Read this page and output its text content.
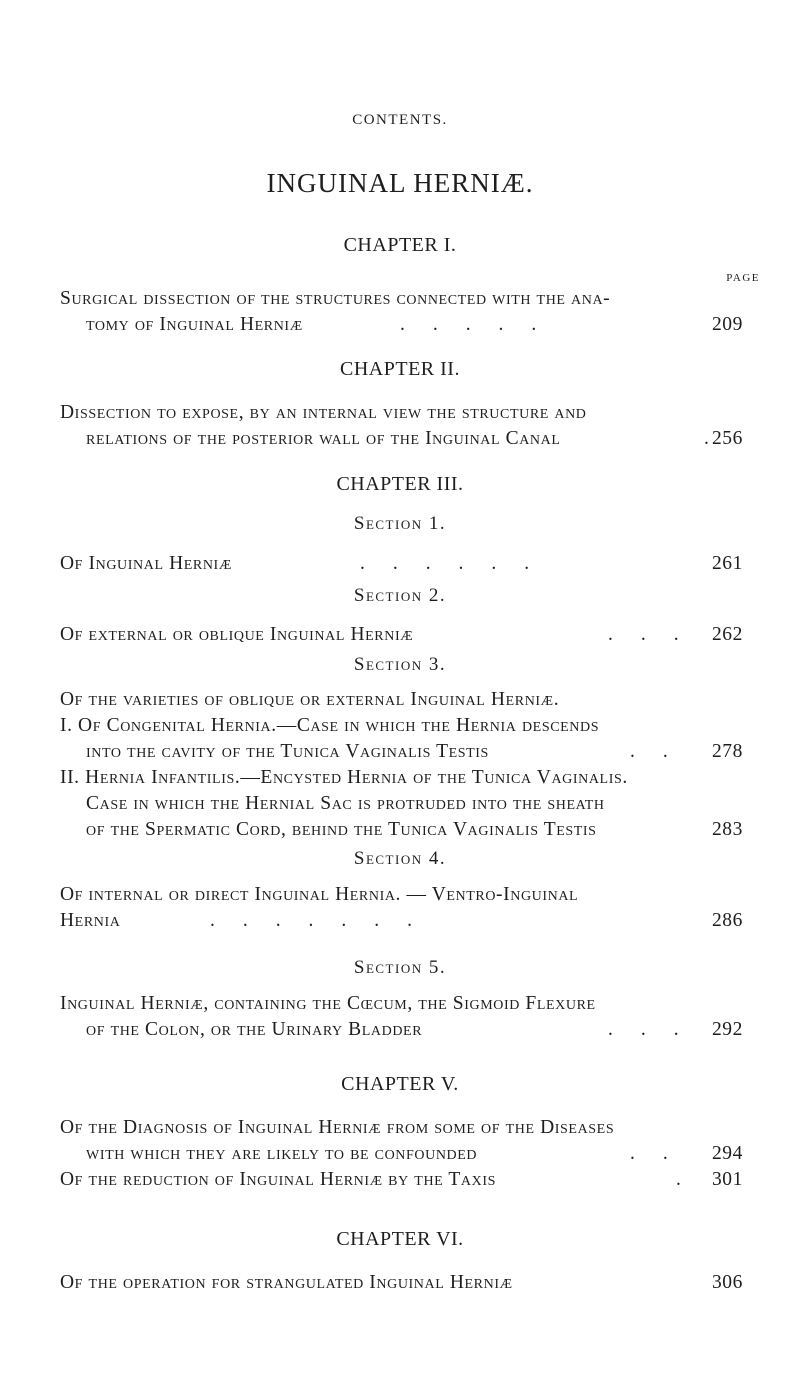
CONTENTS.
INGUINAL HERNIÆ.
CHAPTER I.
PAGE
Surgical dissection of the structures connected with the ana-
tomy of Inguinal Herniæ	.     .     .     .     .	209
CHAPTER II.
Dissection to expose, by an internal view the structure and
relations of the posterior wall of the Inguinal Canal	. 256
CHAPTER III.
Section 1.
Of Inguinal Herniæ	.     .     .     .     .     .	261
Section 2.
Of external or oblique Inguinal Herniæ	.     .     . 262
Section 3.
Of the varieties of oblique or external Inguinal Herniæ.
I. Of Congenital Hernia.—Case in which the Hernia descends
into the cavity of the Tunica Vaginalis Testis	.     . 278
II. Hernia Infantilis.—Encysted Hernia of the Tunica Vaginalis.
Case in which the Hernial Sac is protruded into the sheath
of the Spermatic Cord, behind the Tunica Vaginalis Testis	283
Section 4.
Of internal or direct Inguinal Hernia. — Ventro-Inguinal
Hernia	.     .     .     .     .     .     .	286
Section 5.
Inguinal Herniæ, containing the Cœcum, the Sigmoid Flexure
of the Colon, or the Urinary Bladder	.     .     . 292
CHAPTER V.
Of the Diagnosis of Inguinal Herniæ from some of the Diseases
with which they are likely to be confounded	.     . 294
Of the reduction of Inguinal Herniæ by the Taxis	. 301
CHAPTER VI.
Of the operation for strangulated Inguinal Herniæ	306
